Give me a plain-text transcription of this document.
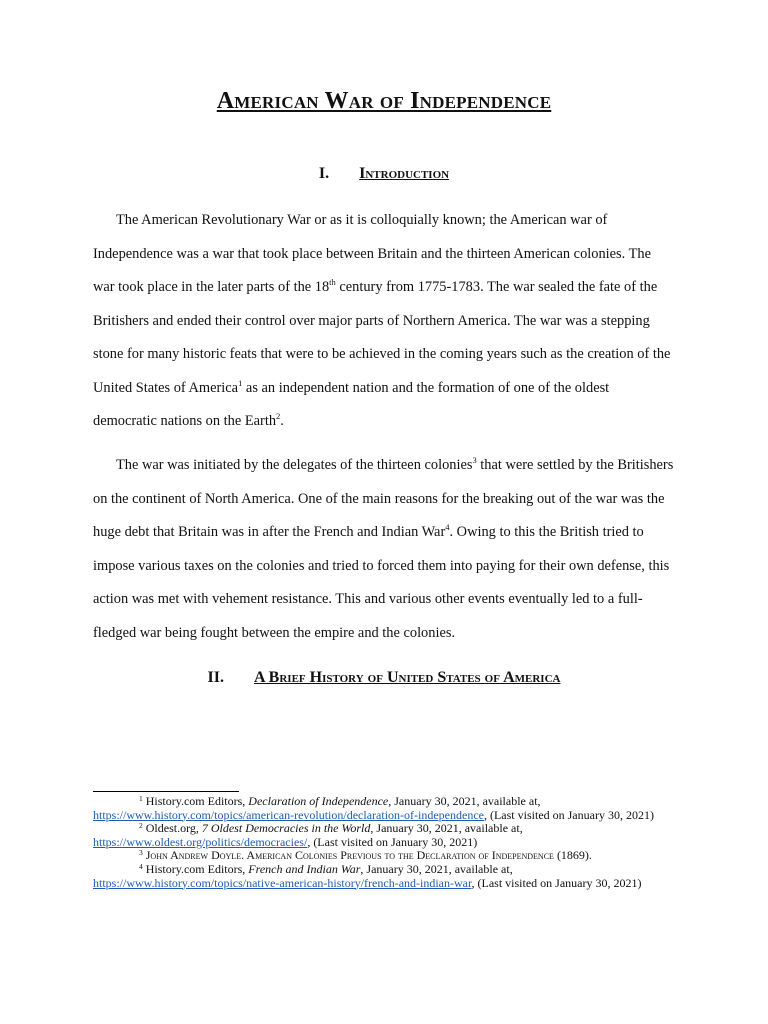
American War of Independence
I. Introduction

The American Revolutionary War or as it is colloquially known; the American war of Independence was a war that took place between Britain and the thirteen American colonies. The war took place in the later parts of the 18th century from 1775-1783. The war sealed the fate of the Britishers and ended their control over major parts of Northern America. The war was a stepping stone for many historic feats that were to be achieved in the coming years such as the creation of the United States of America$^1$ as an independent nation and the formation of one of the oldest democratic nations on the Earth$^2$.

The war was initiated by the delegates of the thirteen colonies$^3$ that were settled by the Britishers on the continent of North America. One of the main reasons for the breaking out of the war was the huge debt that Britain was in after the French and Indian War$^4$. Owing to this the British tried to impose various taxes on the colonies and tried to forced them into paying for their own defense, this action was met with vehement resistance. This and various other events eventually led to a full-fledged war being fought between the empire and the colonies.

II. A Brief History of United States of America

$^1$ History.com Editors, Declaration of Independence, January 30, 2021, available at, https://www.history.com/topics/american-revolution/declaration-of-independence, (Last visited on January 30, 2021)

$^2$ Oldest.org, 7 Oldest Democracies in the World, January 30, 2021, available at, https://www.oldest.org/politics/democracies/, (Last visited on January 30, 2021)

$^3$ John Andrew Doyle. American Colonies Previous to the Declaration of Independence (1869).

$^4$ History.com Editors, French and Indian War, January 30, 2021, available at, https://www.history.com/topics/native-american-history/french-and-indian-war, (Last visited on January 30, 2021)
